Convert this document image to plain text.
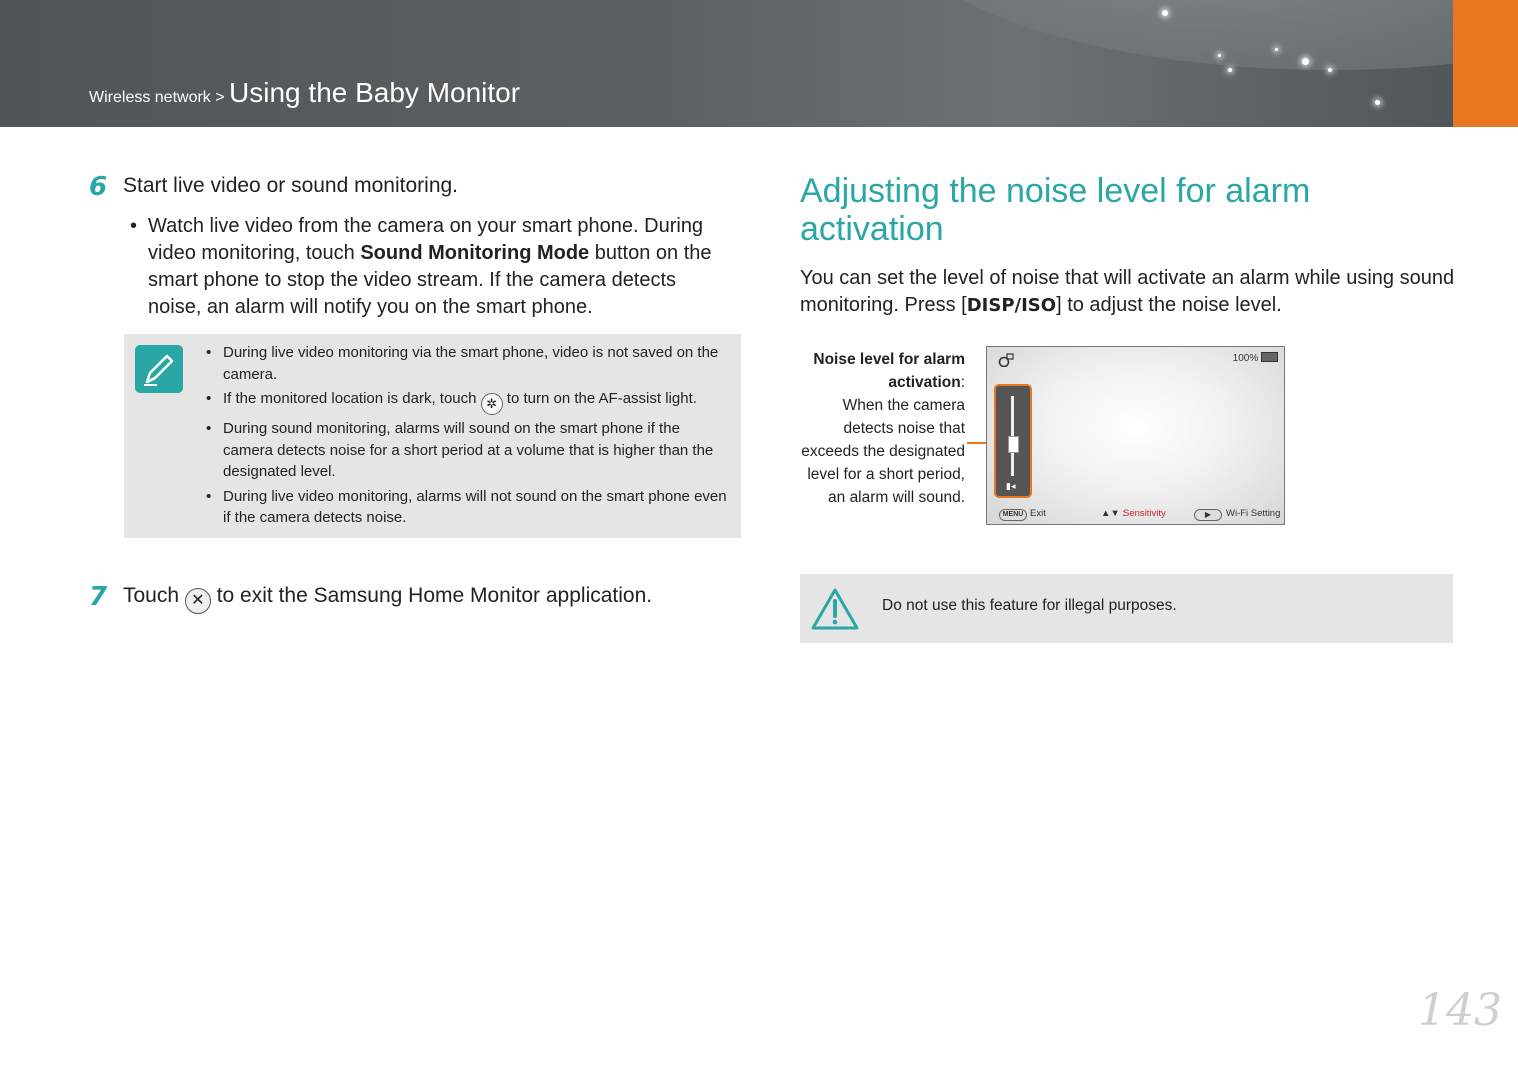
Wireless network > Using the Baby Monitor
6 Start live video or sound monitoring.
• Watch live video from the camera on your smart phone. During video monitoring, touch Sound Monitoring Mode button on the smart phone to stop the video stream. If the camera detects noise, an alarm will notify you on the smart phone.
• During live video monitoring via the smart phone, video is not saved on the camera.
• If the monitored location is dark, touch ✲ to turn on the AF-assist light.
• During sound monitoring, alarms will sound on the smart phone if the camera detects noise for a short period at a volume that is higher than the designated level.
• During live video monitoring, alarms will not sound on the smart phone even if the camera detects noise.
7 Touch ✕ to exit the Samsung Home Monitor application.
Adjusting the noise level for alarm activation
You can set the level of noise that will activate an alarm while using sound monitoring. Press [DISP/ISO] to adjust the noise level.
Noise level for alarm activation:
When the camera detects noise that exceeds the designated level for a short period, an alarm will sound.
100%
▮◂
MENU Exit	▲▼ :
Sensitivity	▶	Wi-Fi Setting
Do not use this feature for illegal purposes.
143
